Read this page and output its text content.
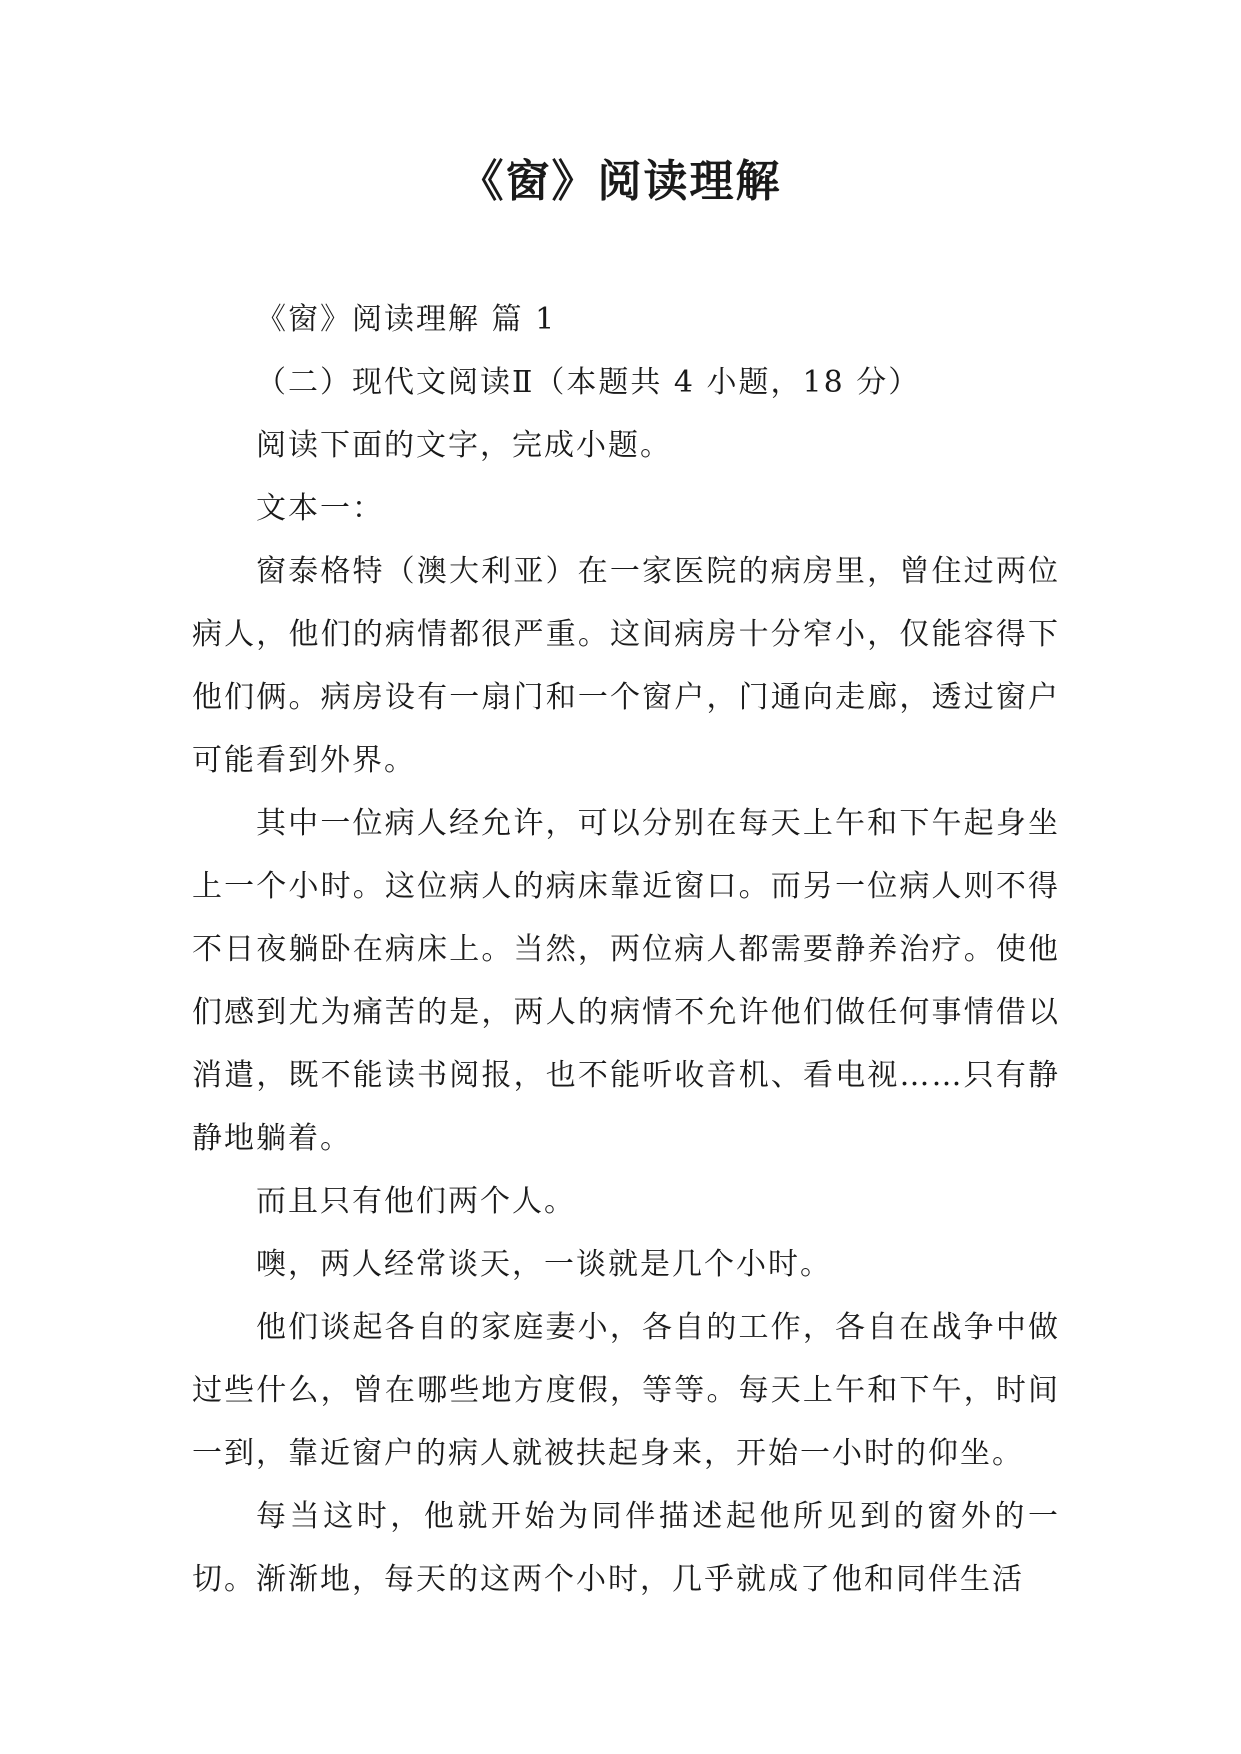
《窗》阅读理解

《窗》阅读理解 篇 1

（二）现代文阅读Ⅱ（本题共 4 小题，18 分）

阅读下面的文字，完成小题。

文本一：

窗泰格特（澳大利亚）在一家医院的病房里，曾住过两位病人，他们的病情都很严重。这间病房十分窄小，仅能容得下他们俩。病房设有一扇门和一个窗户，门通向走廊，透过窗户可能看到外界。

其中一位病人经允许，可以分别在每天上午和下午起身坐上一个小时。这位病人的病床靠近窗口。而另一位病人则不得不日夜躺卧在病床上。当然，两位病人都需要静养治疗。使他们感到尤为痛苦的是，两人的病情不允许他们做任何事情借以消遣，既不能读书阅报，也不能听收音机、看电视……只有静静地躺着。

而且只有他们两个人。

噢，两人经常谈天，一谈就是几个小时。

他们谈起各自的家庭妻小，各自的工作，各自在战争中做过些什么，曾在哪些地方度假，等等。每天上午和下午，时间一到，靠近窗户的病人就被扶起身来，开始一小时的仰坐。

每当这时，他就开始为同伴描述起他所见到的窗外的一切。渐渐地，每天的这两个小时，几乎就成了他和同伴生活
